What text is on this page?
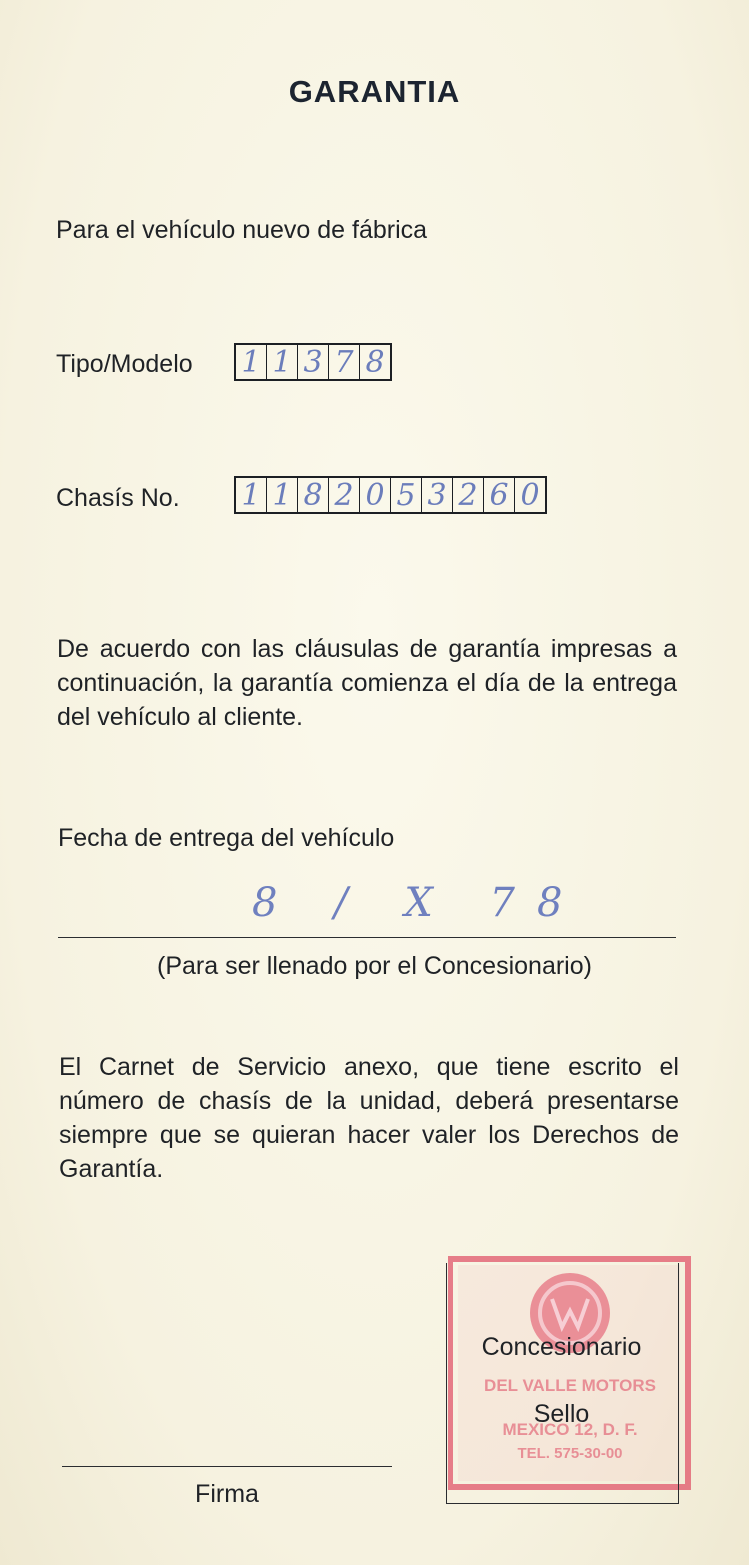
GARANTIA
Para el vehículo nuevo de fábrica
Tipo/Modelo 1 1 3 7 8
Chasís No. 1 1 8 2 0 5 3 2 6 0
De acuerdo con las cláusulas de garantía impresas a continuación, la garantía comienza el día de la entrega del vehículo al cliente.
Fecha de entrega del vehículo
8 / X 78
(Para ser llenado por el Concesionario)
El Carnet de Servicio anexo, que tiene escrito el número de chasís de la unidad, deberá presentarse siempre que se quieran hacer valer los Derechos de Garantía.
Firma
DEL VALLE MOTORS
MEXICO 12, D. F.
TEL. 575-30-00
Concesionario
Sello
